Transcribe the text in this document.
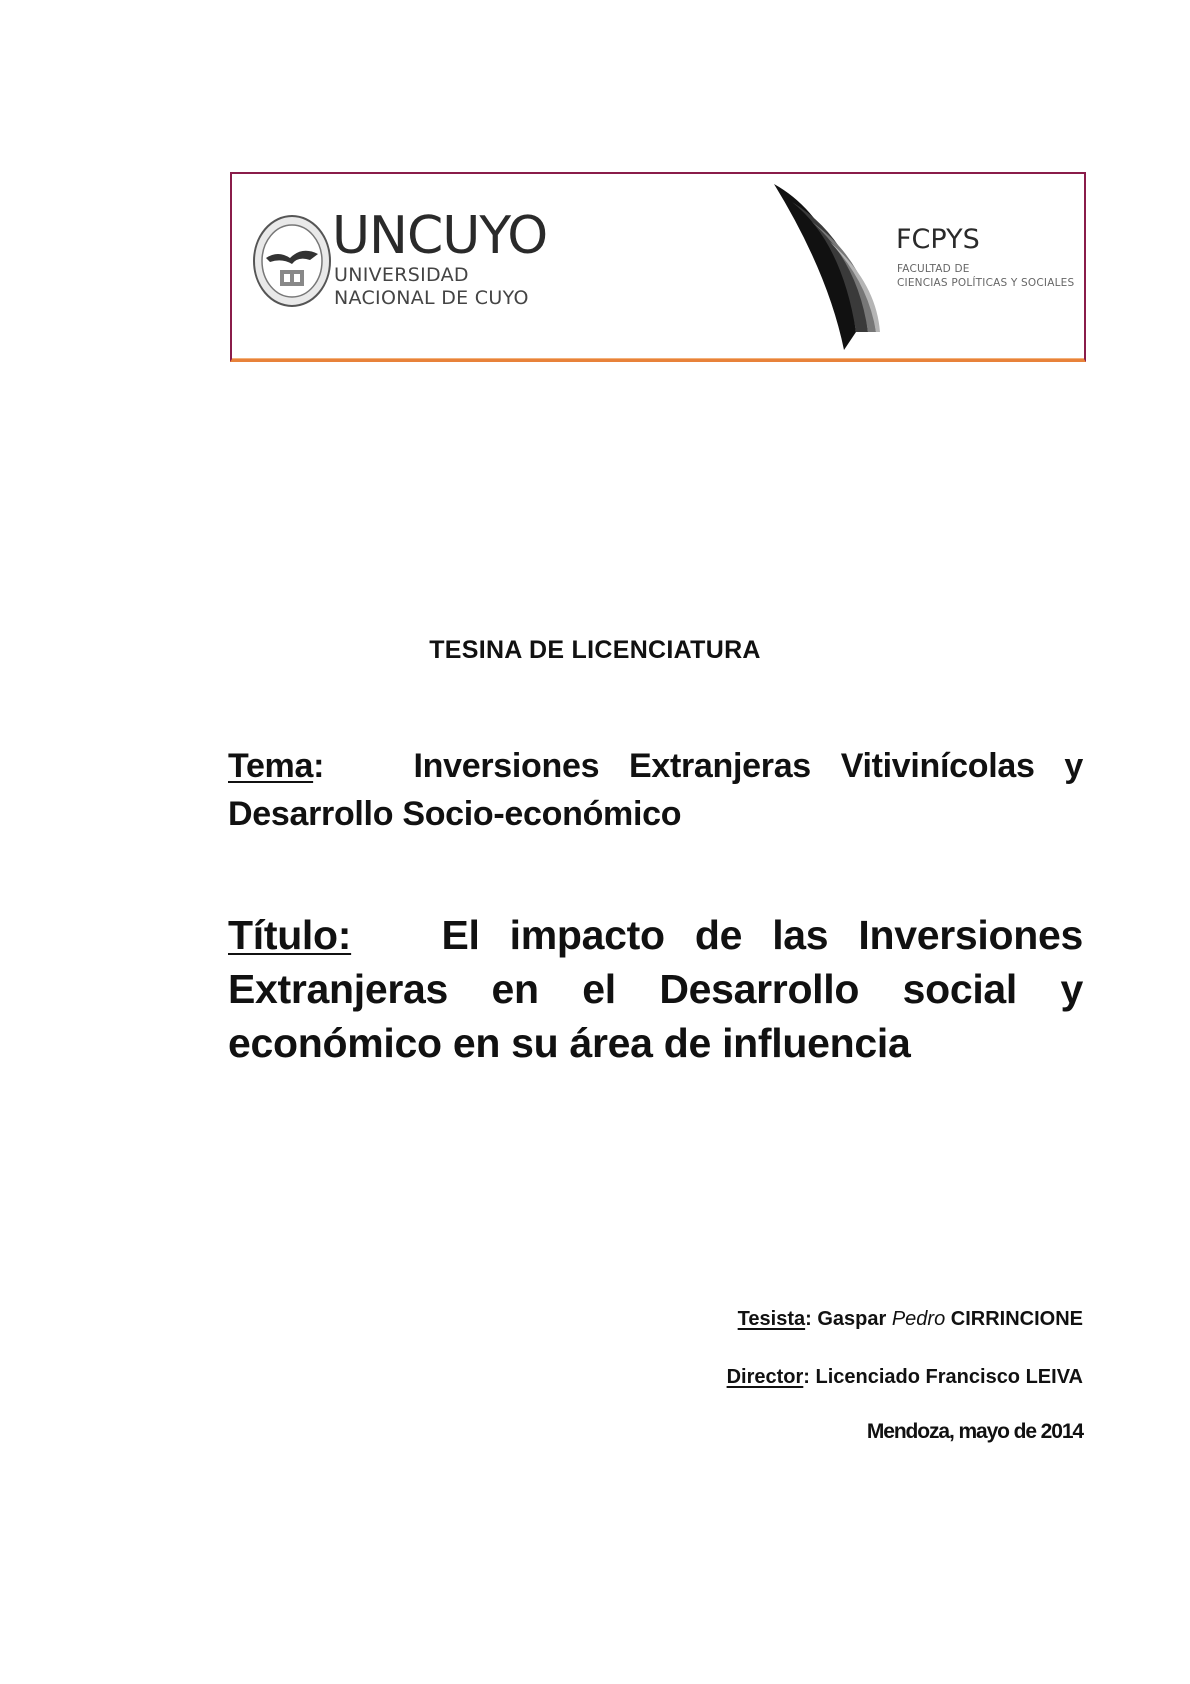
UNCUYO
UNIVERSIDAD
NACIONAL DE CUYO
FCPYS
FACULTAD DE
CIENCIAS POLÍTICAS Y SOCIALES
TESINA DE LICENCIATURA
Tema:   Inversiones Extranjeras Vitivinícolas y Desarrollo Socio-económico
Título: El impacto de las Inversiones Extranjeras en el Desarrollo social y económico en su área de influencia
Tesista: Gaspar Pedro CIRRINCIONE
Director: Licenciado Francisco LEIVA
Mendoza, mayo de 2014
